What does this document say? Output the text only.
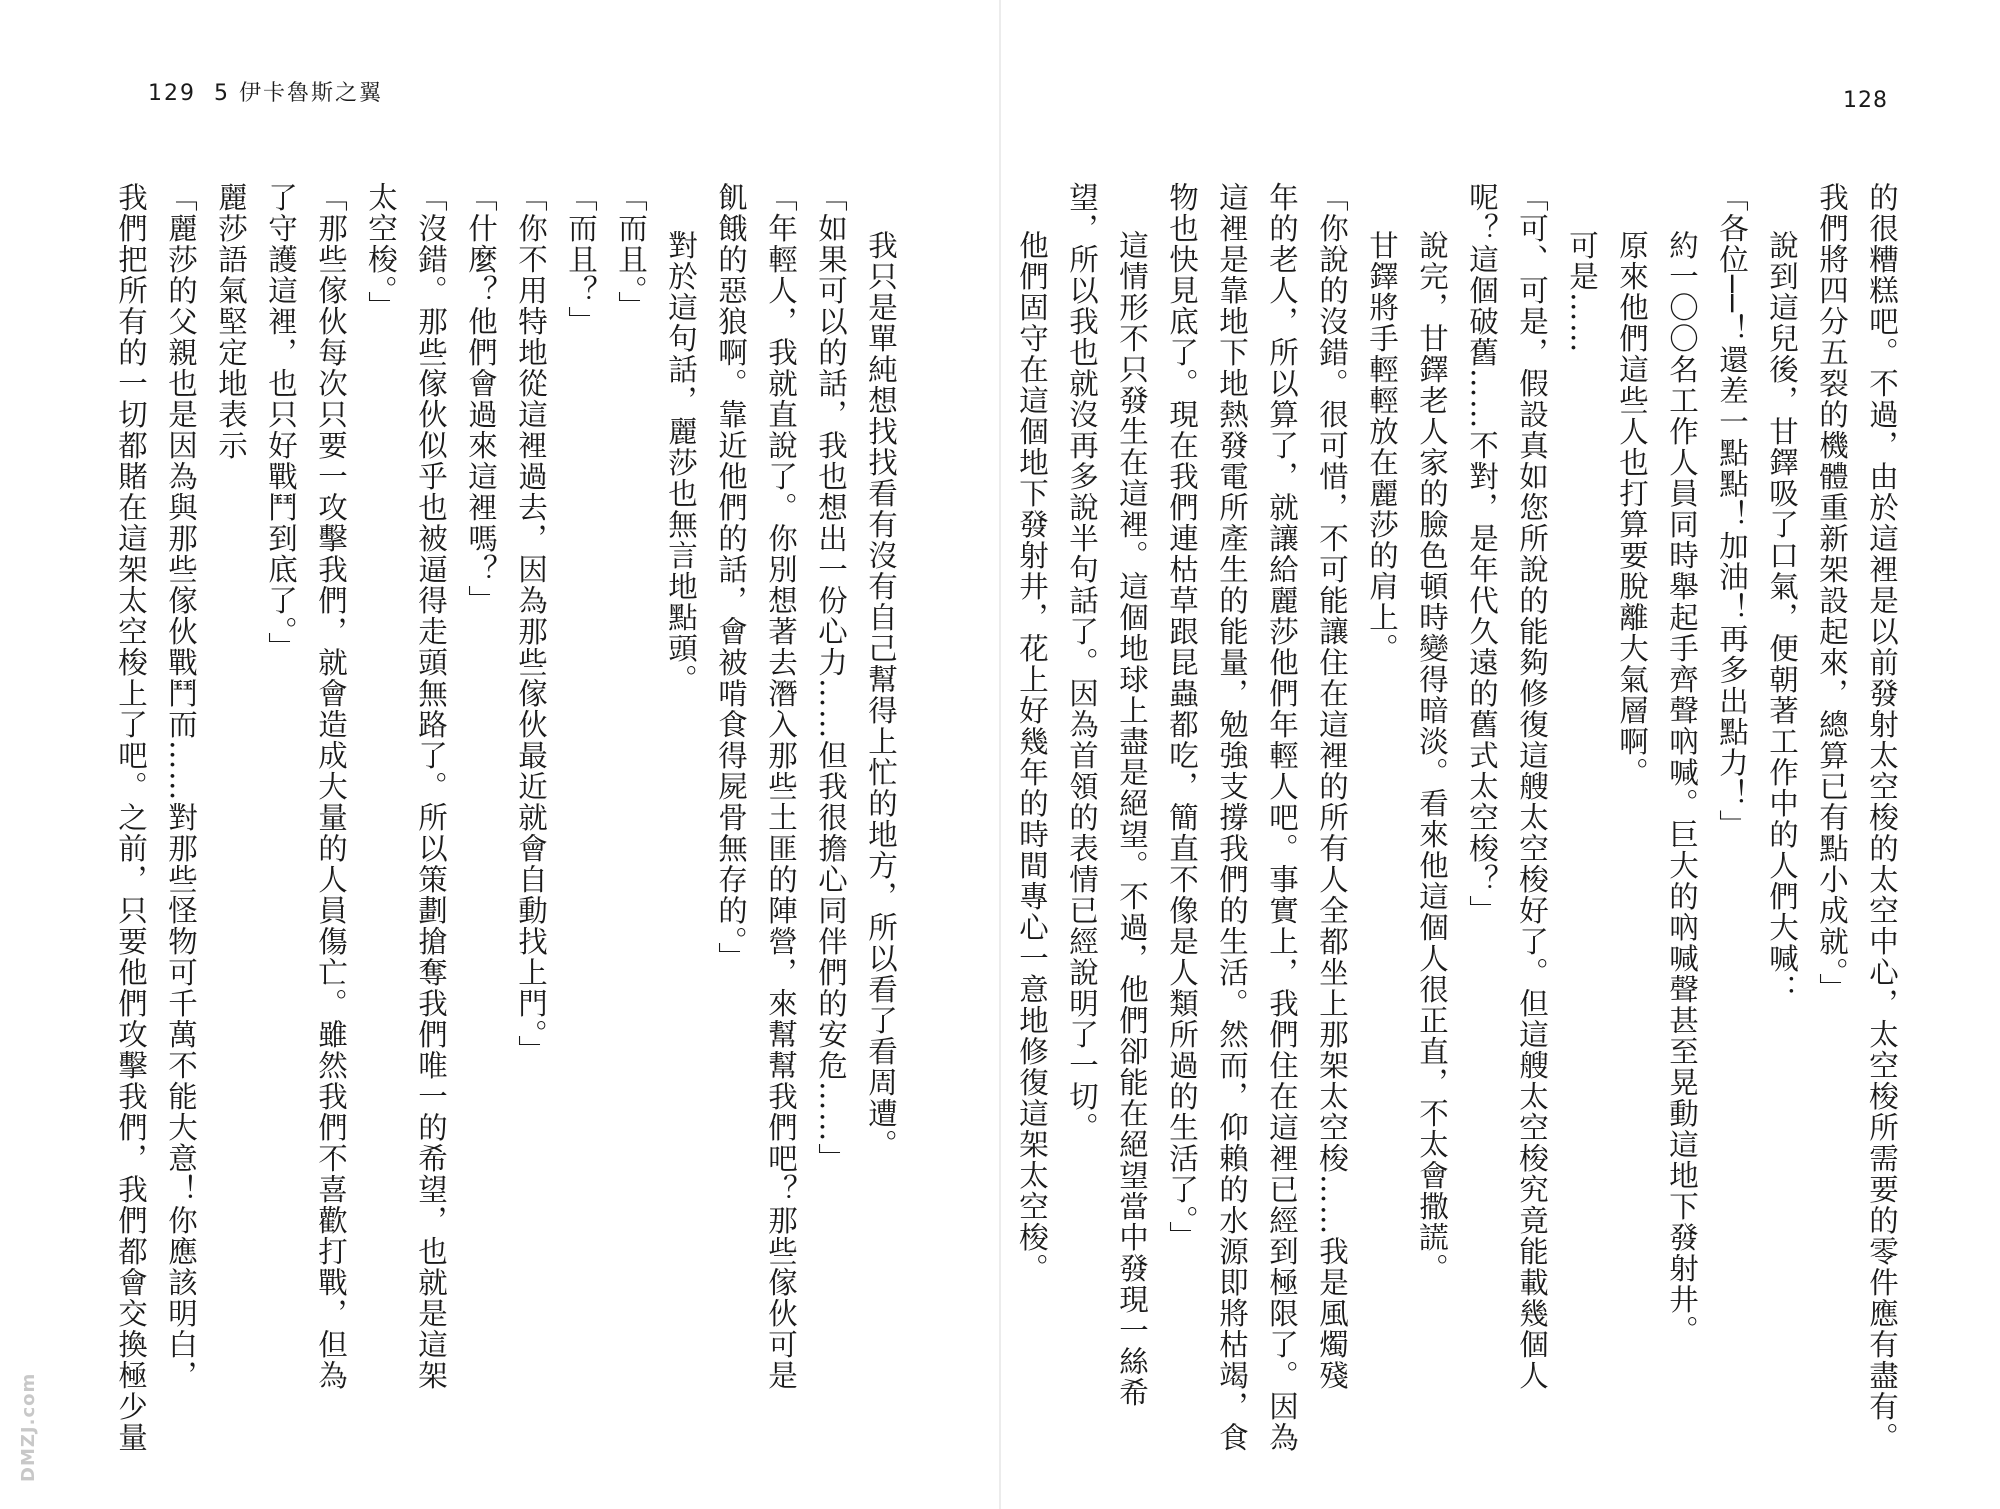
129 5 伊卡魯斯之翼	128
的很糟糕吧。不過，由於這裡是以前發射太空梭的太空中心，太空梭所需要的零件應有盡有。
我們將四分五裂的機體重新架設起來，總算已有點小成就。」
說到這兒後，甘鐸吸了口氣，便朝著工作中的人們大喊：
「各位──！還差一點點！加油！再多出點力！」
約一〇〇名工作人員同時舉起手齊聲吶喊。巨大的吶喊聲甚至晃動這地下發射井。
原來他們這些人也打算要脫離大氣層啊。
可是……
「可、可是，假設真如您所說的能夠修復這艘太空梭好了。但這艘太空梭究竟能載幾個人
呢？這個破舊……不對，是年代久遠的舊式太空梭？」
說完，甘鐸老人家的臉色頓時變得暗淡。看來他這個人很正直，不太會撒謊。
甘鐸將手輕輕放在麗莎的肩上。
「你說的沒錯。很可惜，不可能讓住在這裡的所有人全都坐上那架太空梭……我是風燭殘
年的老人，所以算了，就讓給麗莎他們年輕人吧。事實上，我們住在這裡已經到極限了。因為
這裡是靠地下地熱發電所產生的能量，勉強支撐我們的生活。然而，仰賴的水源即將枯竭，食
物也快見底了。現在我們連枯草跟昆蟲都吃，簡直不像是人類所過的生活了。」
這情形不只發生在這裡。這個地球上盡是絕望。不過，他們卻能在絕望當中發現一絲希
望，所以我也就沒再多說半句話了。因為首領的表情已經說明了一切。
他們固守在這個地下發射井，花上好幾年的時間專心一意地修復這架太空梭。
我只是單純想找找看有沒有自己幫得上忙的地方，所以看了看周遭。
「如果可以的話，我也想出一份心力……但我很擔心同伴們的安危……」
「年輕人，我就直說了。你別想著去潛入那些土匪的陣營，來幫幫我們吧？那些傢伙可是
飢餓的惡狼啊。靠近他們的話，會被啃食得屍骨無存的。」
對於這句話，麗莎也無言地點頭。
「而且。」
「而且？」
「你不用特地從這裡過去，因為那些傢伙最近就會自動找上門。」
「什麼？他們會過來這裡嗎？」
「沒錯。那些傢伙似乎也被逼得走頭無路了。所以策劃搶奪我們唯一的希望，也就是這架
太空梭。」
「那些傢伙每次只要一攻擊我們，就會造成大量的人員傷亡。雖然我們不喜歡打戰，但為
了守護這裡，也只好戰鬥到底了。」
麗莎語氣堅定地表示
「麗莎的父親也是因為與那些傢伙戰鬥而……對那些怪物可千萬不能大意！你應該明白，
我們把所有的一切都賭在這架太空梭上了吧。之前，只要他們攻擊我們，我們都會交換極少量
DMZJ.com
